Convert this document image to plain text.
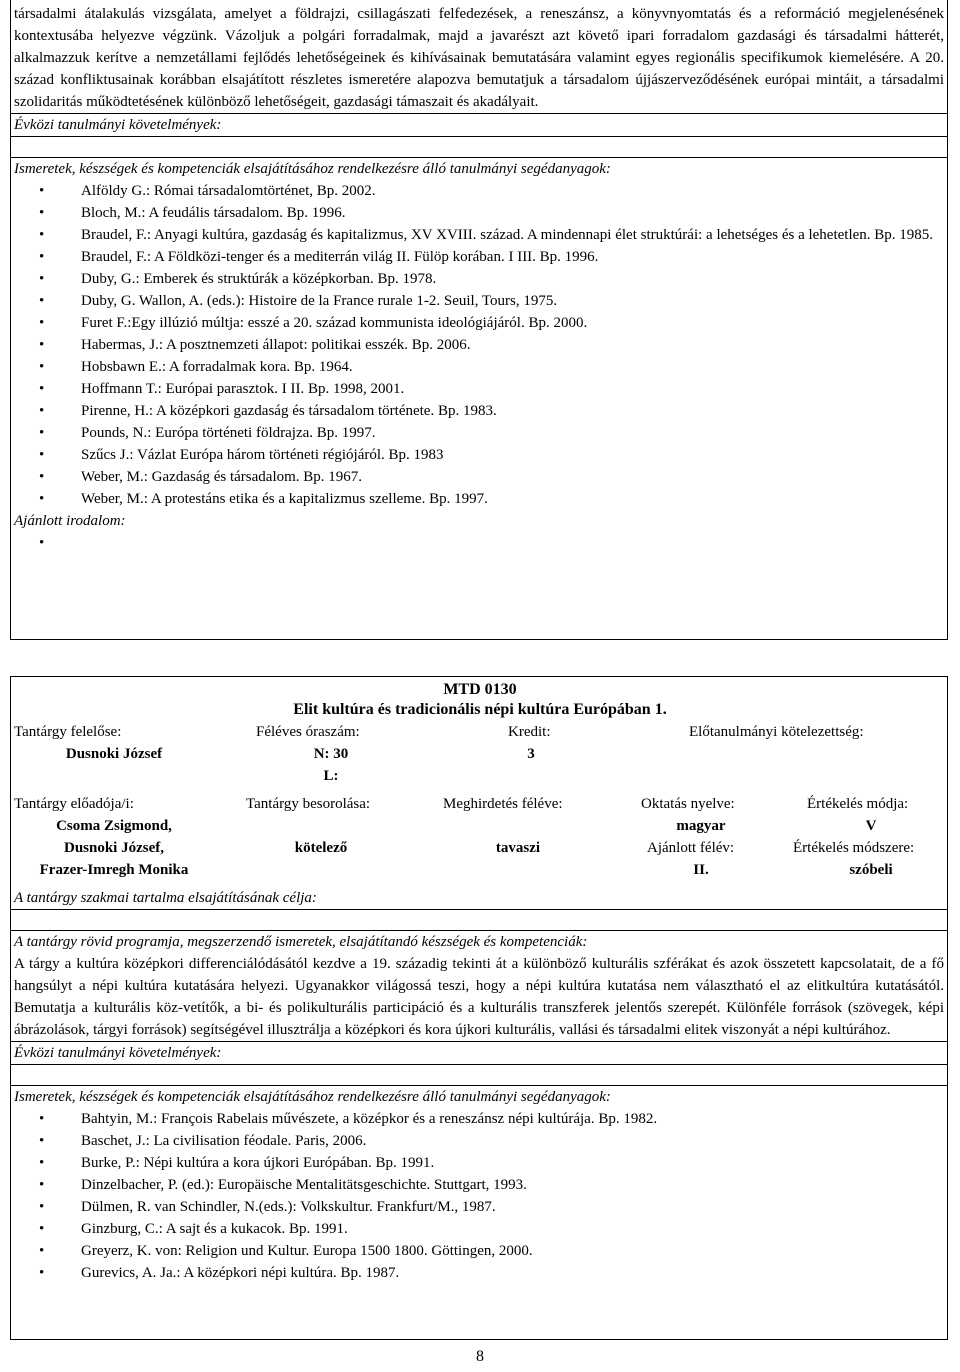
társadalmi átalakulás vizsgálata, amelyet a földrajzi, csillagászati felfedezések, a reneszánsz, a könyvnyomtatás és a reformáció megjelenésének kontextusába helyezve végzünk. Vázoljuk a polgári forradalmak, majd a javarészt azt követő ipari forradalom gazdasági és társadalmi hátterét, alkalmazzuk kerítve a nemzetállami fejlődés lehetőségeinek és kihívásainak bemutatására valamint egyes regionális specifikumok kiemelésére. A 20. század konfliktusainak korábban elsajátított részletes ismeretére alapozva bemutatjuk a társadalom újjászerveződésének európai mintáit, a társadalmi szolidaritás működtetésének különböző lehetőségeit, gazdasági támaszait és akadályait.

Évközi tanulmányi követelmények:

Ismeretek, készségek és kompetenciák elsajátításához rendelkezésre álló tanulmányi segédanyagok:

• Alföldy G.: Római társadalomtörténet, Bp. 2002.
• Bloch, M.: A feudális társadalom. Bp. 1996.
• Braudel, F.: Anyagi kultúra, gazdaság és kapitalizmus, XV XVIII. század. A mindennapi élet struktúrái: a lehetséges és a lehetetlen. Bp. 1985.
• Braudel, F.: A Földközi-tenger és a mediterrán világ II. Fülöp korában. I III. Bp. 1996.
• Duby, G.: Emberek és struktúrák a középkorban. Bp. 1978.
• Duby, G. Wallon, A. (eds.): Histoire de la France rurale 1-2. Seuil, Tours, 1975.
• Furet F.:Egy illúzió múltja: esszé a 20. század kommunista ideológiájáról. Bp. 2000.
• Habermas, J.: A posztnemzeti állapot: politikai esszék. Bp. 2006.
• Hobsbawn E.: A forradalmak kora. Bp. 1964.
• Hoffmann T.: Európai parasztok. I II. Bp. 1998, 2001.
• Pirenne, H.: A középkori gazdaság és társadalom története. Bp. 1983.
• Pounds, N.: Európa történeti földrajza. Bp. 1997.
• Szűcs J.: Vázlat Európa három történeti régiójáról. Bp. 1983
• Weber, M.: Gazdaság és társadalom. Bp. 1967.
• Weber, M.: A protestáns etika és a kapitalizmus szelleme. Bp. 1997.

Ajánlott irodalom:

•
MTD 0130
Elit kultúra és tradicionális népi kultúra Európában 1.
Tantárgy felelőse:
Dusnoki József
Féléves óraszám:
N: 30
L:
Kredit:
3
Előtanulmányi kötelezettség:
Tantárgy előadója/i:
Csoma Zsigmond,
Dusnoki József,
Frazer-Imregh Monika
Tantárgy besorolása:
kötelező
Meghirdetés féléve:
tavaszi
Oktatás nyelve:
magyar
Ajánlott félév:
II.
Értékelés módja:
V
Értékelés módszere:
szóbeli

A tantárgy szakmai tartalma elsajátításának célja:

A tantárgy rövid programja, megszerzendő ismeretek, elsajátítandó készségek és kompetenciák:

A tárgy a kultúra középkori differenciálódásától kezdve a 19. századig tekinti át a különböző kulturális szférákat és azok összetett kapcsolatait, de a fő hangsúlyt a népi kultúra kutatására helyezi. Ugyanakkor világossá teszi, hogy a népi kultúra kutatása nem választható el az elitkultúra kutatásától. Bemutatja a kulturális köz-vetítők, a bi- és polikulturális participáció és a kulturális transzferek jelentős szerepét. Különféle források (szövegek, képi ábrázolások, tárgyi források) segítségével illusztrálja a középkori és kora újkori kulturális, vallási és társadalmi elitek viszonyát a népi kultúrához.

Évközi tanulmányi követelmények:

Ismeretek, készségek és kompetenciák elsajátításához rendelkezésre álló tanulmányi segédanyagok:

• Bahtyin, M.: François Rabelais művészete, a középkor és a reneszánsz népi kultúrája. Bp. 1982.
• Baschet, J.: La civilisation féodale. Paris, 2006.
• Burke, P.: Népi kultúra a kora újkori Európában. Bp. 1991.
• Dinzelbacher, P. (ed.): Europäische Mentalitätsgeschichte. Stuttgart, 1993.
• Dülmen, R. van Schindler, N.(eds.): Volkskultur. Frankfurt/M., 1987.
• Ginzburg, C.: A sajt és a kukacok. Bp. 1991.
• Greyerz, K. von: Religion und Kultur. Europa 1500 1800. Göttingen, 2000.
• Gurevics, A. Ja.: A középkori népi kultúra. Bp. 1987.
8
